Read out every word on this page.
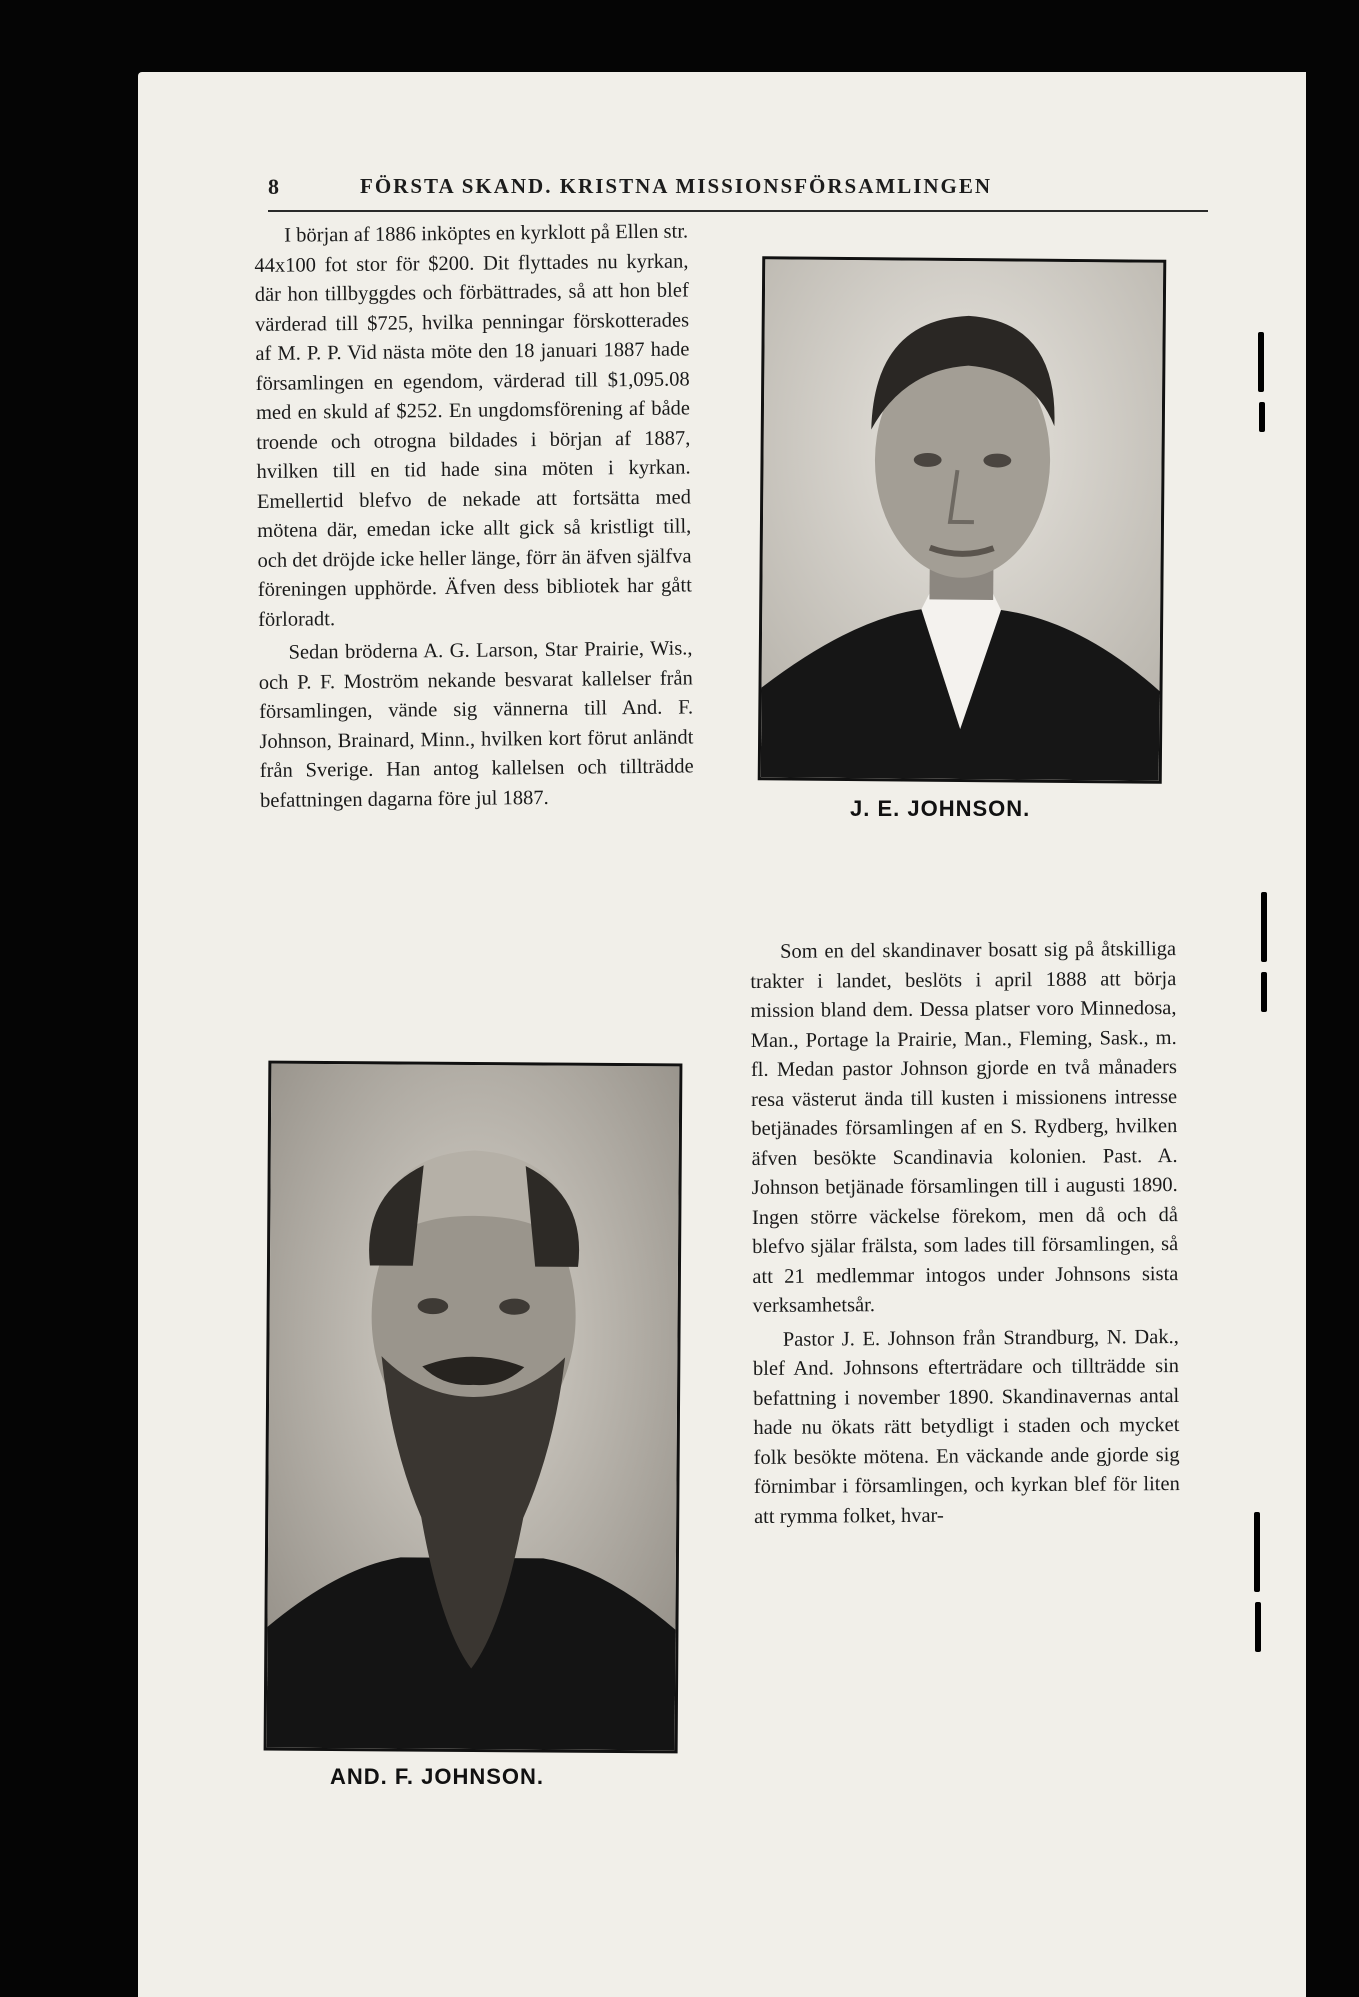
8	FÖRSTA SKAND. KRISTNA MISSIONSFÖRSAMLINGEN

I början af 1886 inköptes en kyrklott på Ellen str. 44x100 fot stor för $200. Dit flyttades nu kyrkan, där hon tillbyggdes och förbättrades, så att hon blef värderad till $725, hvilka penningar förskotterades af M. P. P. Vid nästa möte den 18 januari 1887 hade församlingen en egendom, värderad till $1,095.08 med en skuld af $252. En ungdomsförening af både troende och otrogna bildades i början af 1887, hvilken till en tid hade sina möten i kyrkan. Emellertid blefvo de nekade att fortsätta med mötena där, emedan icke allt gick så kristligt till, och det dröjde icke heller länge, förr än äfven själfva föreningen upphörde. Äfven dess bibliotek har gått förloradt.

Sedan bröderna A. G. Larson, Star Prairie, Wis., och P. F. Moström nekande besvarat kallelser från församlingen, vände sig vännerna till And. F. Johnson, Brainard, Minn., hvilken kort förut anländt från Sverige. Han antog kallelsen och tillträdde befattningen dagarna före jul 1887.	J. E. JOHNSON.
AND. F. JOHNSON.

Som en del skandinaver bosatt sig på åtskilliga trakter i landet, beslöts i april 1888 att börja mission bland dem. Dessa platser voro Minnedosa, Man., Portage la Prairie, Man., Fleming, Sask., m. fl. Medan pastor Johnson gjorde en två månaders resa västerut ända till kusten i missionens intresse betjänades församlingen af en S. Rydberg, hvilken äfven besökte Scandinavia kolonien. Past. A. Johnson betjänade församlingen till i augusti 1890. Ingen större väckelse förekom, men då och då blefvo själar frälsta, som lades till församlingen, så att 21 medlemmar intogos under Johnsons sista verksamhetsår.

Pastor J. E. Johnson från Strandburg, N. Dak., blef And. Johnsons efterträdare och tillträdde sin befattning i november 1890. Skandinavernas antal hade nu ökats rätt betydligt i staden och mycket folk besökte mötena. En väckande ande gjorde sig förnimbar i församlingen, och kyrkan blef för liten att rymma folket, hvar-
